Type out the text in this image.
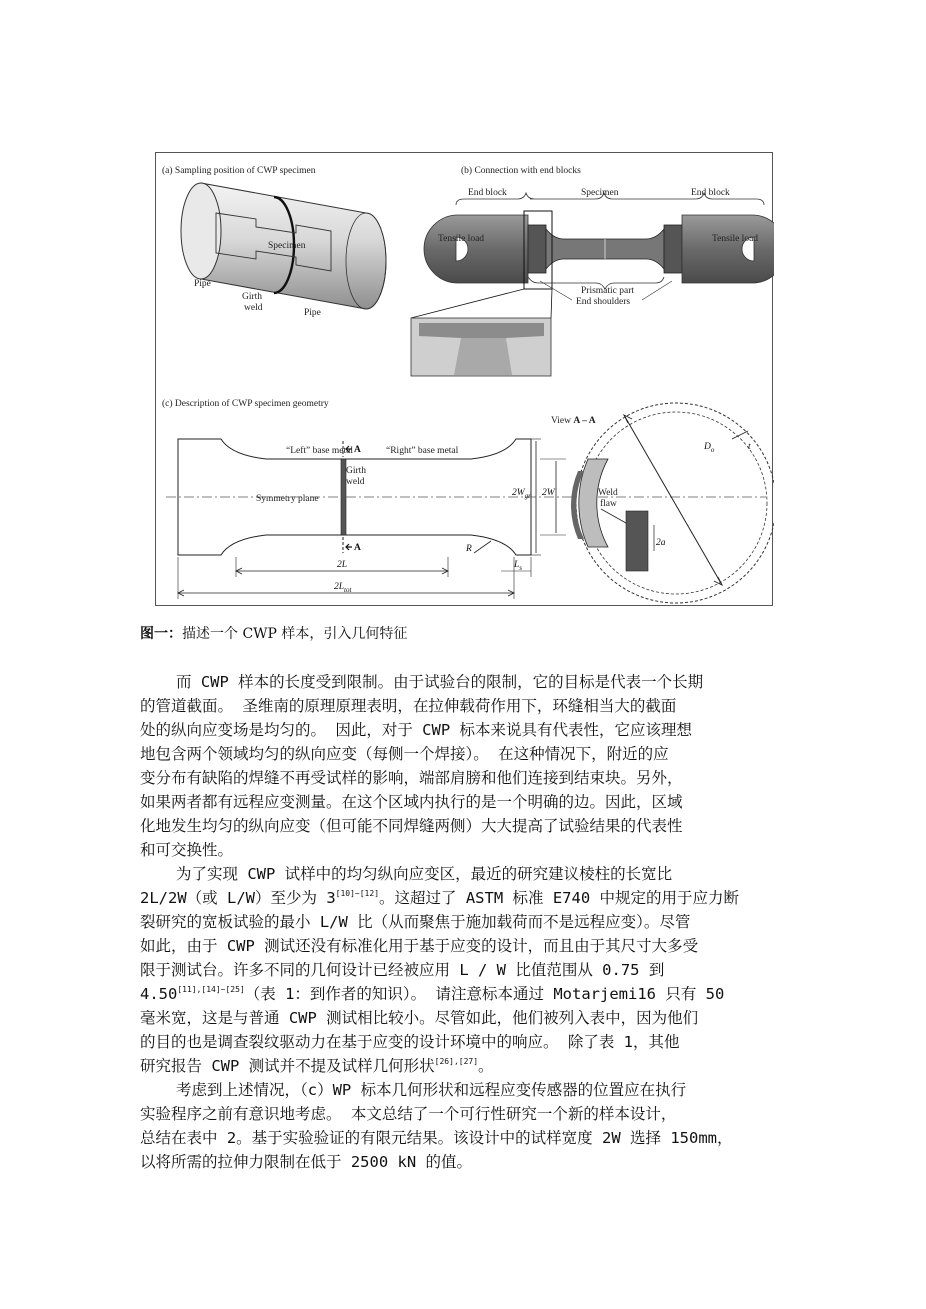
(a) Sampling position of CWP specimen
Specimen
Pipe
Girth
weld	Pipe
(b) Connection with end blocks
End block	Specimen	End block
Tensile load	Tensile load
Prismatic part
End shoulders
(c) Description of CWP specimen geometry
“Left” base metal	“Right” base metal
A
A
Girth
weld
Symmetry plane
$2W_{gr}$ 2W
2L
$2L_{tot}$
R
$L_s$
View A – A
Weld
flaw
$D_o$	t
2a
图一：描述一个 CWP 样本，引入几何特征
而 CWP 样本的长度受到限制。由于试验台的限制，它的目标是代表一个长期
的管道截面。 圣维南的原理原理表明，在拉伸载荷作用下，环缝相当大的截面
处的纵向应变场是均匀的。 因此，对于 CWP 标本来说具有代表性，它应该理想
地包含两个领域均匀的纵向应变（每侧一个焊接）。 在这种情况下，附近的应
变分布有缺陷的焊缝不再受试样的影响，端部肩膀和他们连接到结束块。另外，
如果两者都有远程应变测量。在这个区域内执行的是一个明确的边。因此，区域
化地发生均匀的纵向应变（但可能不同焊缝两侧）大大提高了试验结果的代表性
和可交换性。
为了实现 CWP 试样中的均匀纵向应变区，最近的研究建议棱柱的长宽比
2L/2W（或 L/W）至少为 3[10]~[12]。这超过了 ASTM 标准 E740 中规定的用于应力断
裂研究的宽板试验的最小 L/W 比（从而聚焦于施加载荷而不是远程应变）。尽管
如此，由于 CWP 测试还没有标准化用于基于应变的设计，而且由于其尺寸大多受
限于测试台。许多不同的几何设计已经被应用 L / W 比值范围从 0.75 到
4.50[11],[14]~[25]（表 1：到作者的知识）。 请注意标本通过 Motarjemi16 只有 50
毫米宽，这是与普通 CWP 测试相比较小。尽管如此，他们被列入表中，因为他们
的目的也是调查裂纹驱动力在基于应变的设计环境中的响应。 除了表 1，其他
研究报告 CWP 测试并不提及试样几何形状[26],[27]。
考虑到上述情况，（c）WP 标本几何形状和远程应变传感器的位置应在执行
实验程序之前有意识地考虑。 本文总结了一个可行性研究一个新的样本设计，
总结在表中 2。基于实验验证的有限元结果。该设计中的试样宽度 2W 选择 150mm，
以将所需的拉伸力限制在低于 2500 kN 的值。
